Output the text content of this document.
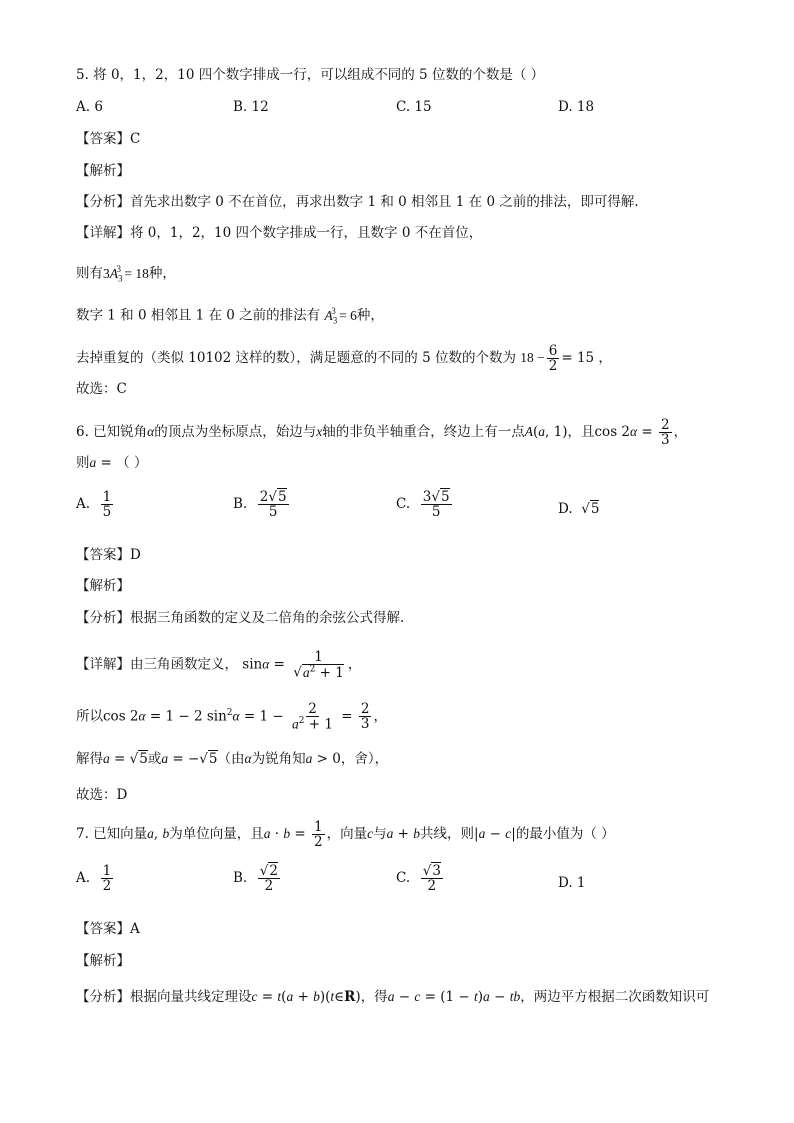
5. 将 0，1，2，10 四个数字排成一行，可以组成不同的 5 位数的个数是（ ）
A. 6	B. 12	C. 15	D. 18
【答案】C
【解析】
【分析】首先求出数字 0 不在首位，再求出数字 1 和 0 相邻且 1 在 0 之前的排法，即可得解.
【详解】将 0，1，2，10 四个数字排成一行，且数字 0 不在首位，
则有$3A_3^3 = 18$种，
数字 1 和 0 相邻且 1 在 0 之前的排法有 $A_3^3 = 6$种，
去掉重复的（类似 10102 这样的数），满足题意的不同的 5 位数的个数为 $18 - \frac{6}{2} = 15$ ，
故选：C
6. 已知锐角α的顶点为坐标原点，始边与x轴的非负半轴重合，终边上有一点A(a, 1)，且$\cos 2\alpha = \frac{2}{3}$ ，
则a = （ ）
A. $\frac{1}{5}$	B. $\frac{2√5}{5}$	C. $\frac{3√5}{5}$	D.  √5
【答案】D
【解析】
【分析】根据三角函数的定义及二倍角的余弦公式得解.
【详解】由三角函数定义， $\sin\alpha = \frac{1}{√a^2 + 1}$ ，
所以cos 2α = 1 − 2 $\sin^2\alpha = 1 - \frac{2}{a^2 + 1} = \frac{2}{3}$ ，
解得a = √5或a = −√5（由α为锐角知a > 0，舍），
故选：D
7. 已知向量a, b为单位向量，且$a \cdot b = \frac{1}{2}$ ，向量c与a + b共线，则|a − c|的最小值为（ ）
A. $\frac{1}{2}$	B. $\frac{√2}{2}$	C. $\frac{√3}{2}$	D. 1
【答案】A
【解析】
【分析】根据向量共线定理设c = t(a + b)(t∈R)，得a − c = (1 − t)a − tb，两边平方根据二次函数知识可
